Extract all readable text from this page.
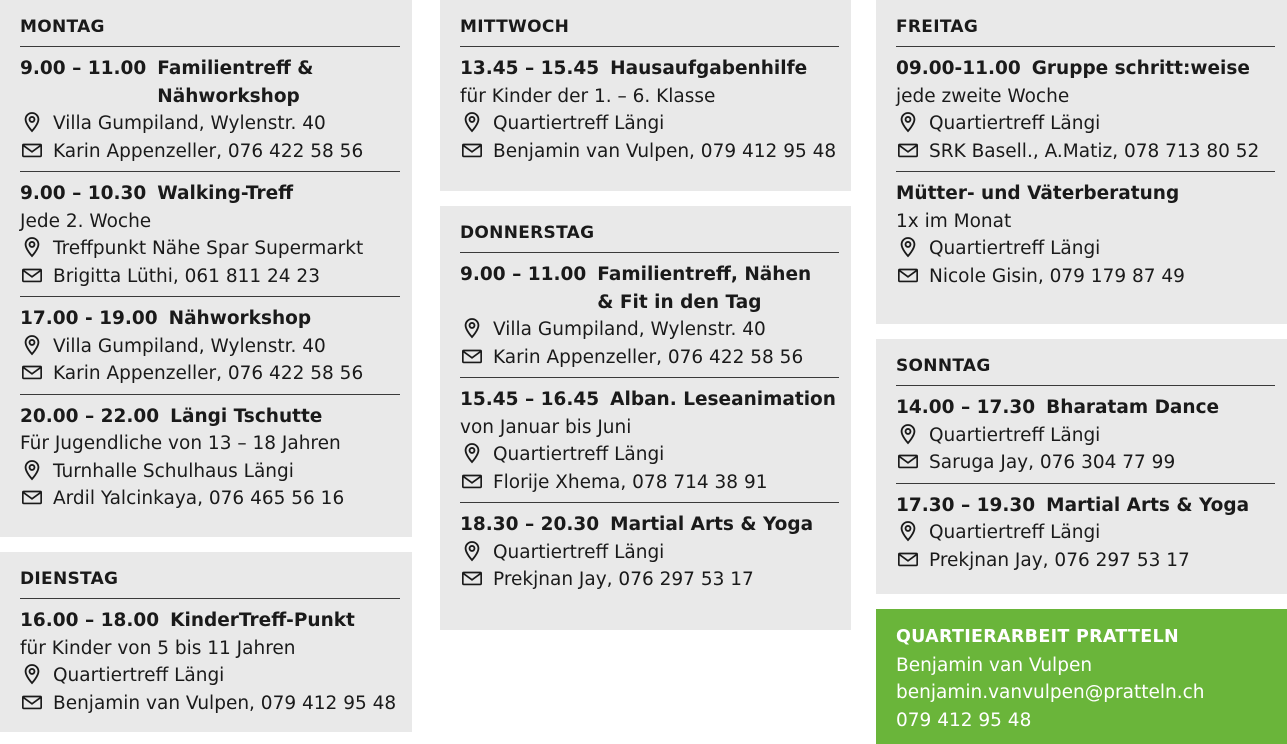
MONTAG
9.00 – 11.00 Familientreff &
Nähworkshop
Villa Gumpiland, Wylenstr. 40
Karin Appenzeller, 076 422 58 56
9.00 – 10.30 Walking-Treff
Jede 2. Woche
Treffpunkt Nähe Spar Supermarkt
Brigitta Lüthi, 061 811 24 23
17.00 - 19.00 Nähworkshop
Villa Gumpiland, Wylenstr. 40
Karin Appenzeller, 076 422 58 56
20.00 – 22.00 Längi Tschutte
Für Jugendliche von 13 – 18 Jahren
Turnhalle Schulhaus Längi
Ardil Yalcinkaya, 076 465 56 16
DIENSTAG
16.00 – 18.00 KinderTreff-Punkt
für Kinder von 5 bis 11 Jahren
Quartiertreff Längi
Benjamin van Vulpen, 079 412 95 48
MITTWOCH
13.45 – 15.45 Hausaufgabenhilfe
für Kinder der 1. – 6. Klasse
Quartiertreff Längi
Benjamin van Vulpen, 079 412 95 48
DONNERSTAG
9.00 – 11.00 Familientreff, Nähen
& Fit in den Tag
Villa Gumpiland, Wylenstr. 40
Karin Appenzeller, 076 422 58 56
15.45 – 16.45 Alban. Leseanimation
von Januar bis Juni
Quartiertreff Längi
Florije Xhema, 078 714 38 91
18.30 – 20.30 Martial Arts & Yoga
Quartiertreff Längi
Prekjnan Jay, 076 297 53 17
FREITAG
09.00-11.00 Gruppe schritt:weise
jede zweite Woche
Quartiertreff Längi
SRK Basell., A.Matiz, 078 713 80 52
Mütter- und Väterberatung
1x im Monat
Quartiertreff Längi
Nicole Gisin, 079 179 87 49
SONNTAG
14.00 – 17.30 Bharatam Dance
Quartiertreff Längi
Saruga Jay, 076 304 77 99
17.30 – 19.30 Martial Arts & Yoga
Quartiertreff Längi
Prekjnan Jay, 076 297 53 17
QUARTIERARBEIT PRATTELN
Benjamin van Vulpen
benjamin.vanvulpen@pratteln.ch
079 412 95 48
